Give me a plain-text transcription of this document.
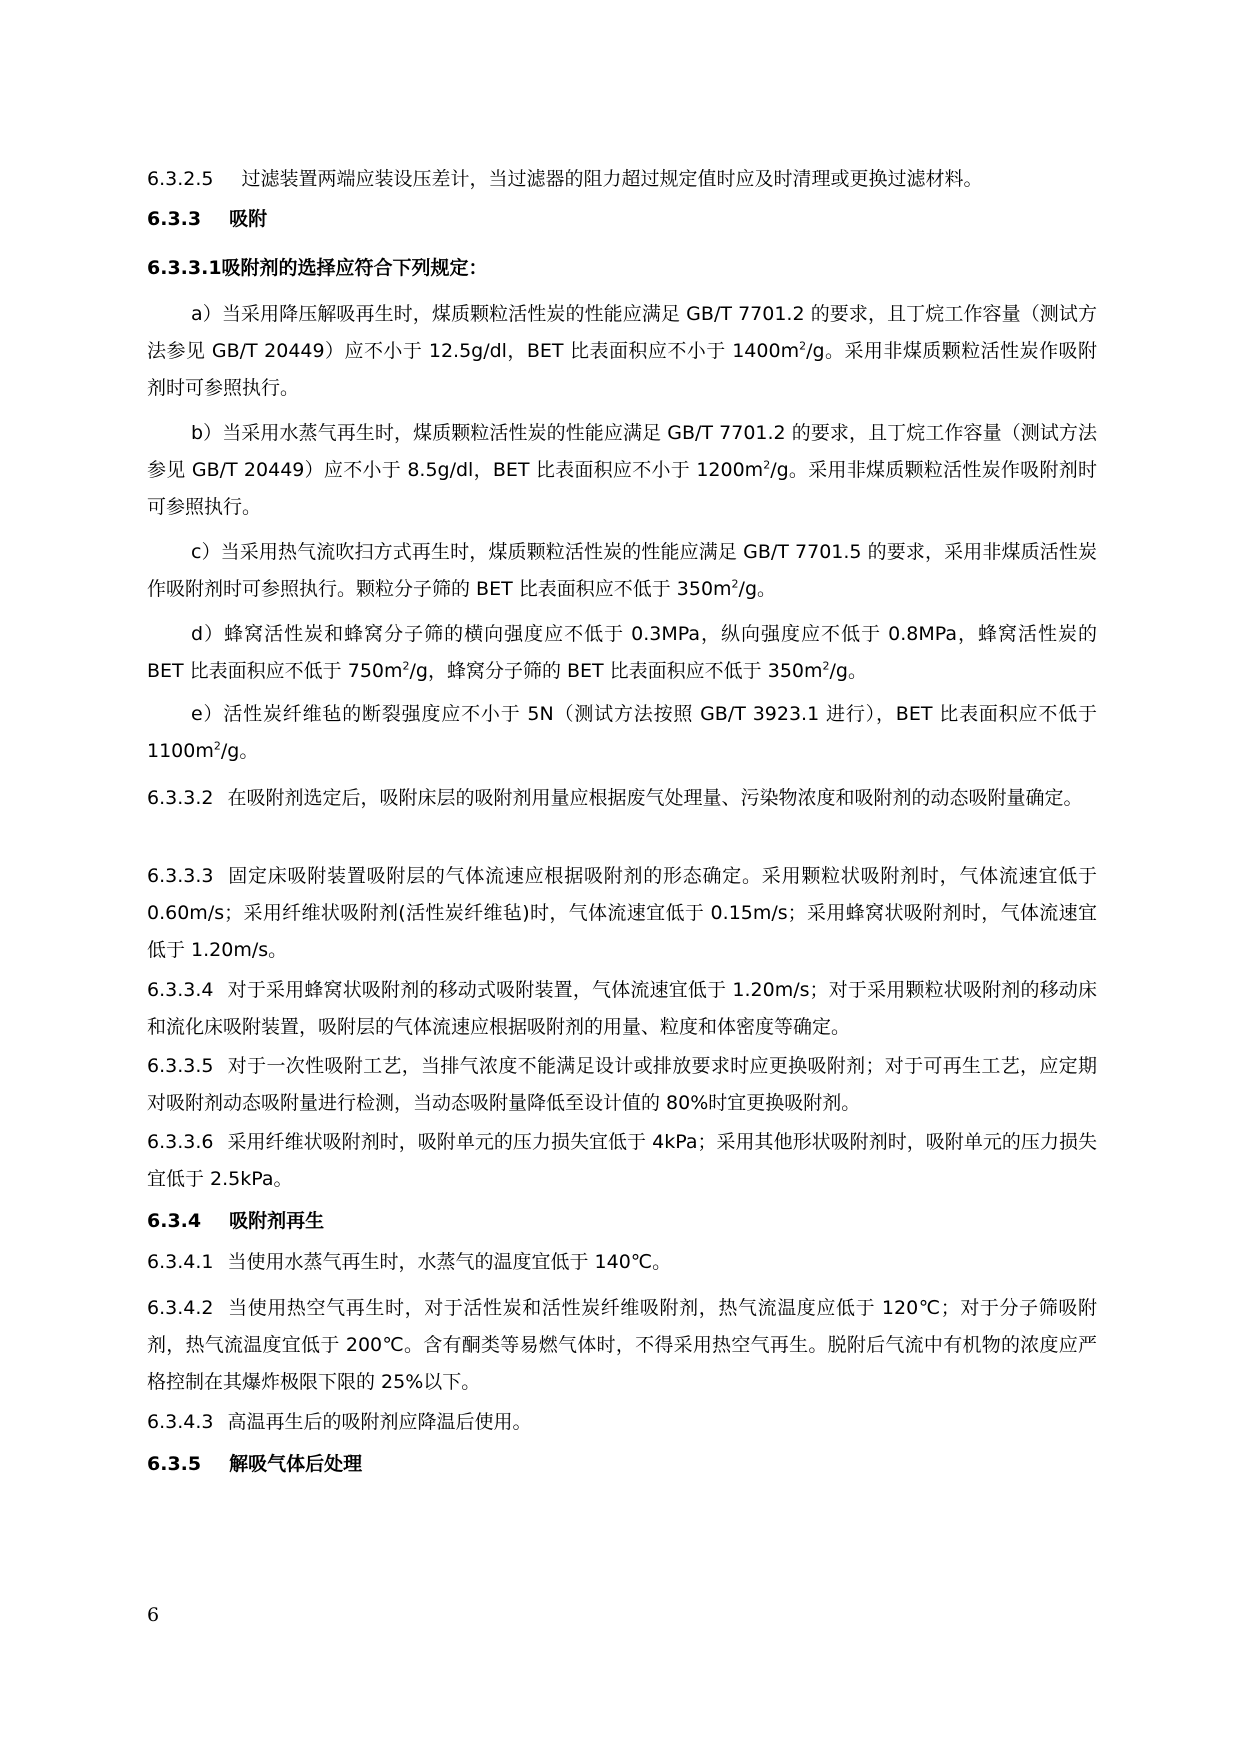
6.3.2.5 过滤装置两端应装设压差计，当过滤器的阻力超过规定值时应及时清理或更换过滤材料。
6.3.3 吸附
6.3.3.1吸附剂的选择应符合下列规定：
a）当采用降压解吸再生时，煤质颗粒活性炭的性能应满足 GB/T 7701.2 的要求，且丁烷工作容量（测试方法参见 GB/T 20449）应不小于 12.5g/dl，BET 比表面积应不小于 $1400m^2/g$。采用非煤质颗粒活性炭作吸附剂时可参照执行。
b）当采用水蒸气再生时，煤质颗粒活性炭的性能应满足 GB/T 7701.2 的要求，且丁烷工作容量（测试方法参见 GB/T 20449）应不小于 8.5g/dl，BET 比表面积应不小于 $1200m^2/g$。采用非煤质颗粒活性炭作吸附剂时可参照执行。
c）当采用热气流吹扫方式再生时，煤质颗粒活性炭的性能应满足 GB/T 7701.5 的要求，采用非煤质活性炭作吸附剂时可参照执行。颗粒分子筛的 BET 比表面积应不低于 $350m^2/g$。
d）蜂窝活性炭和蜂窝分子筛的横向强度应不低于 0.3MPa，纵向强度应不低于 0.8MPa，蜂窝活性炭的 BET 比表面积应不低于 $750m^2/g$，蜂窝分子筛的 BET 比表面积应不低于 $350m^2/g$。
e）活性炭纤维毡的断裂强度应不小于 5N（测试方法按照 GB/T 3923.1 进行），BET 比表面积应不低于 $1100m^2/g$。
6.3.3.2 在吸附剂选定后，吸附床层的吸附剂用量应根据废气处理量、污染物浓度和吸附剂的动态吸附量确定。
6.3.3.3 固定床吸附装置吸附层的气体流速应根据吸附剂的形态确定。采用颗粒状吸附剂时，气体流速宜低于 0.60m/s；采用纤维状吸附剂(活性炭纤维毡)时，气体流速宜低于 0.15m/s；采用蜂窝状吸附剂时，气体流速宜低于 1.20m/s。
6.3.3.4 对于采用蜂窝状吸附剂的移动式吸附装置，气体流速宜低于 1.20m/s；对于采用颗粒状吸附剂的移动床和流化床吸附装置，吸附层的气体流速应根据吸附剂的用量、粒度和体密度等确定。
6.3.3.5 对于一次性吸附工艺，当排气浓度不能满足设计或排放要求时应更换吸附剂；对于可再生工艺，应定期对吸附剂动态吸附量进行检测，当动态吸附量降低至设计值的 80%时宜更换吸附剂。
6.3.3.6 采用纤维状吸附剂时，吸附单元的压力损失宜低于 4kPa；采用其他形状吸附剂时，吸附单元的压力损失宜低于 2.5kPa。
6.3.4 吸附剂再生
6.3.4.1 当使用水蒸气再生时，水蒸气的温度宜低于 140℃。
6.3.4.2 当使用热空气再生时，对于活性炭和活性炭纤维吸附剂，热气流温度应低于 120℃；对于分子筛吸附剂，热气流温度宜低于 200℃。含有酮类等易燃气体时，不得采用热空气再生。脱附后气流中有机物的浓度应严格控制在其爆炸极限下限的 25%以下。
6.3.4.3 高温再生后的吸附剂应降温后使用。
6.3.5 解吸气体后处理
6
